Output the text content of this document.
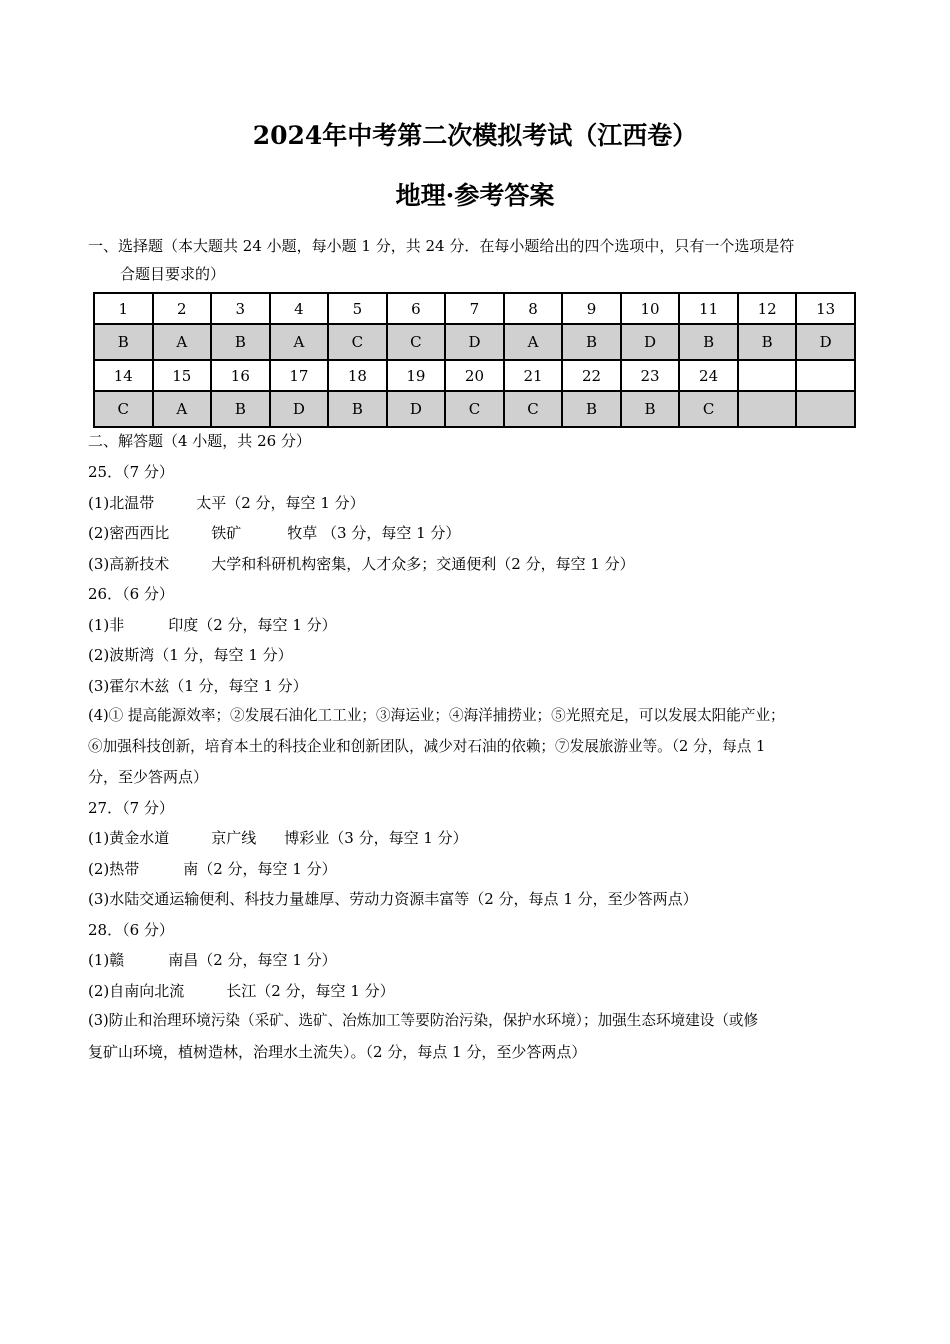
2024年中考第二次模拟考试（江西卷）
地理·参考答案
一、选择题（本大题共 24 小题，每小题 1 分，共 24 分．在每小题给出的四个选项中，只有一个选项是符
合题目要求的）
1	2	3	4	5	6	7	8	9	10	11	12	13
B	A	B	A	C	C	D	A	B	D	B	B	D
14	15	16	17	18	19	20	21	22	23	24		
C	A	B	D	B	D	C	C	B	B	C		
二、解答题（4 小题，共 26 分）

25．（7 分）

(1)北温带	太平（2 分，每空 1 分）

(2)密西西比	铁矿	牧草 （3 分，每空 1 分）

(3)高新技术	大学和科研机构密集，人才众多；交通便利（2 分，每空 1 分）

26．（6 分）

(1)非	印度（2 分，每空 1 分）

(2)波斯湾（1 分，每空 1 分）

(3)霍尔木兹（1 分，每空 1 分）

(4)① 提高能源效率；②发展石油化工工业；③海运业；④海洋捕捞业；⑤光照充足，可以发展太阳能产业；

⑥加强科技创新，培育本土的科技企业和创新团队，减少对石油的依赖；⑦发展旅游业等。（2 分，每点 1

分，至少答两点）

27．（7 分）

(1)黄金水道	京广线 博彩业（3 分，每空 1 分）

(2)热带	南（2 分，每空 1 分）

(3)水陆交通运输便利、科技力量雄厚、劳动力资源丰富等（2 分，每点 1 分，至少答两点）

28．（6 分）

(1)赣	南昌（2 分，每空 1 分）

(2)自南向北流	长江（2 分，每空 1 分）

(3)防止和治理环境污染（采矿、选矿、冶炼加工等要防治污染，保护水环境）；加强生态环境建设（或修

复矿山环境，植树造林，治理水土流失）。（2 分，每点 1 分，至少答两点）
